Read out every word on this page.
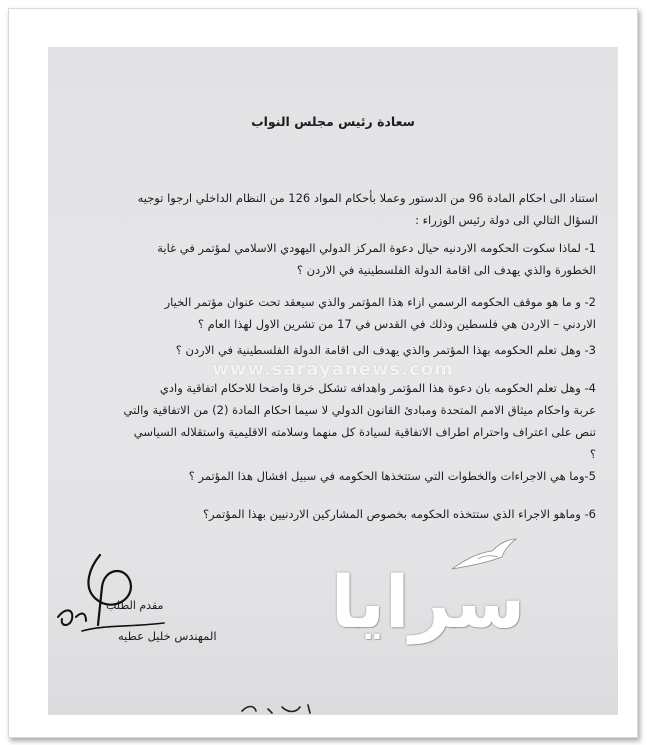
سعادة رئيس مجلس النواب
استناد الى احكام المادة 96 من الدستور وعملا بأحكام المواد 126 من النظام الداخلي ارجوا توجيه
السؤال التالي الى دولة رئيس الوزراء :
1- لماذا سكوت الحكومه الاردنيه حيال دعوة المركز الدولي اليهودي الاسلامي لمؤتمر في غاية
الخطورة والذي يهدف الى اقامة الدولة الفلسطينية في الاردن ؟
2- و ما هو موقف الحكومه الرسمي ازاء هذا المؤتمر والذي سيعقد تحت عنوان مؤتمر الخيار
الاردني – الاردن هي فلسطين وذلك في القدس في 17 من تشرين الاول لهذا العام ؟
3- وهل تعلم الحكومه بهذا المؤتمر والذي يهدف الى اقامة الدولة الفلسطينية في الاردن ؟
4- وهل تعلم الحكومه بان دعوة هذا المؤتمر واهدافه تشكل خرقا واضحا للاحكام اتفاقية وادي
عربة واحكام ميثاق الامم المتحدة ومبادئ القانون الدولي لا سيما احكام المادة (2) من الاتفاقية والتي
تنص على اعتراف واحترام اطراف الاتفاقية لسيادة كل منهما وسلامته الاقليمية واستقلاله السياسي
؟
5-وما هي الاجراءات والخطوات التي ستتخذها الحكومه في سبيل افشال هذا المؤتمر ؟
6- وماهو الاجراء الذي ستتخذه الحكومه بخصوص المشاركين الاردنيين بهذا المؤتمر؟
www.sarayanews.com
مقدم الطلب
المهندس خليل عطيه سرايا
